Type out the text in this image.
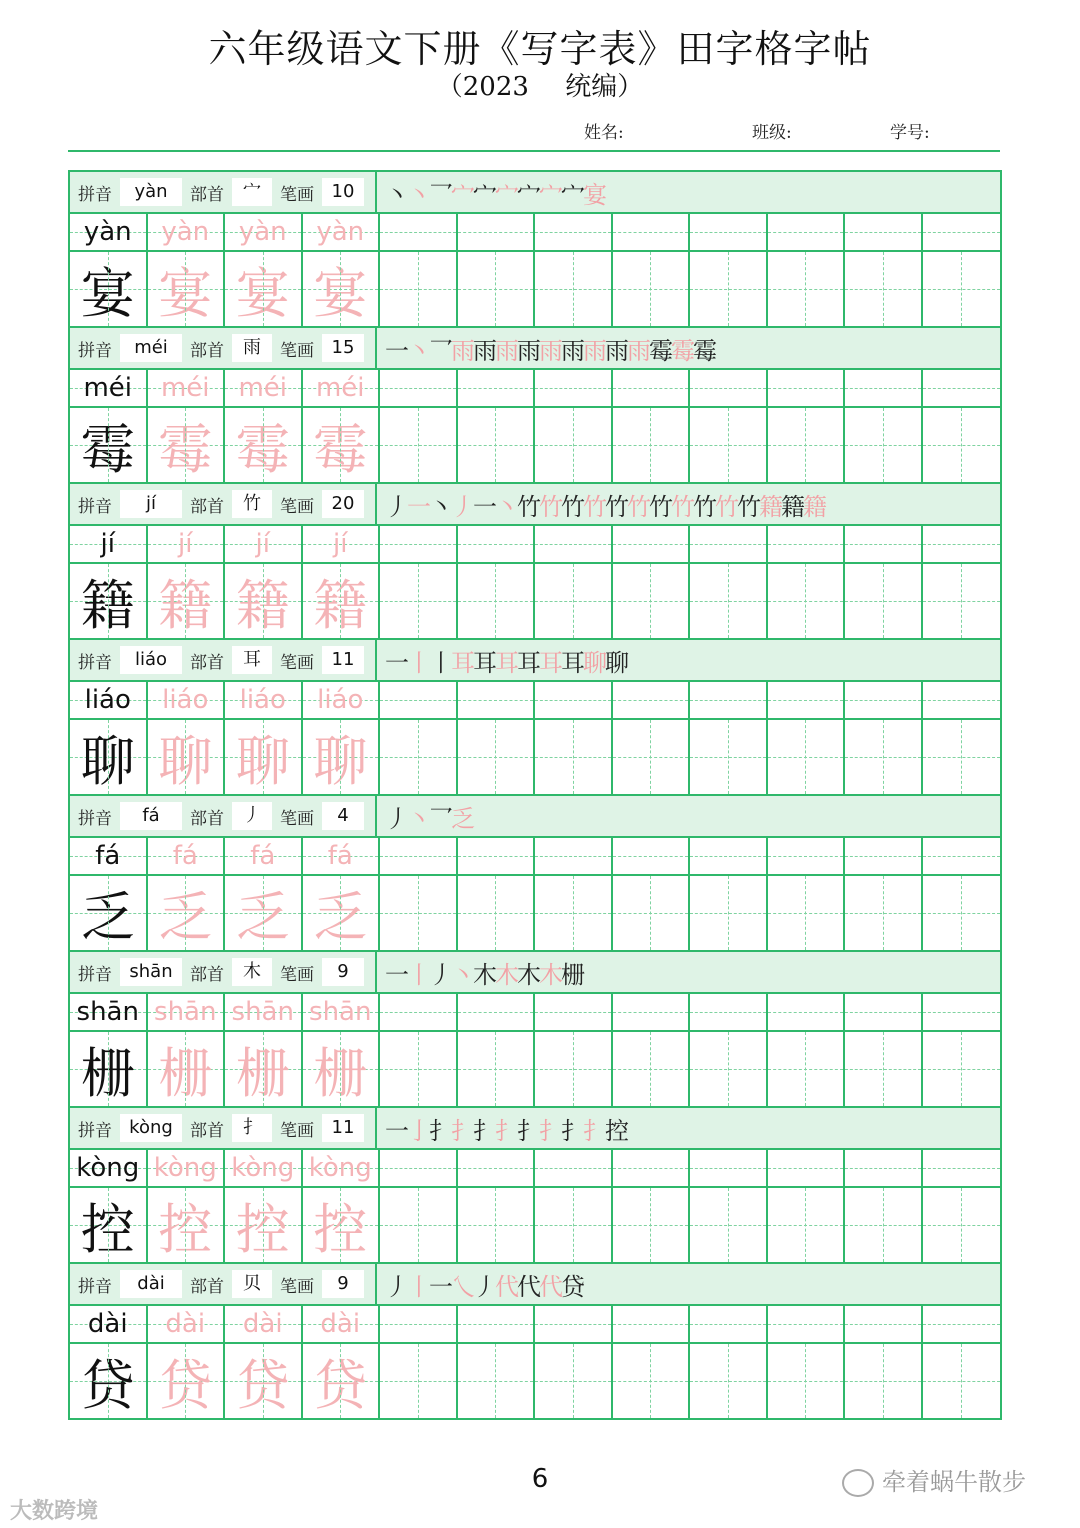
六年级语文下册《写字表》田字格字帖
（2023 统编）
姓名:	班级:	学号:
拼音	yàn	部首	宀	笔画 10	丶 丶 乛 宀 宀 宀 宀 宀 宀 宴
yàn yàn yàn yàn
宴 宴 宴 宴
拼音	méi	部首	雨	笔画 15	一 丶 乛 雨 雨 雨 雨 雨 雨 雨 雨 雨 霉 霉 霉
méi méi méi méi
霉 霉 霉 霉
拼音	jí	部首	竹	笔画 20	丿 一 丶 丿 一 丶 竹 竹 竹 竹 竹 竹 竹 竹 竹 竹 竹 籍 籍 籍
jí jí jí jí
籍 籍 籍 籍
拼音	liáo	部首	耳	笔画 11	一 丨 丨 耳 耳 耳 耳 耳 耳 聊 聊
liáo liáo liáo liáo
聊 聊 聊 聊
拼音	fá	部首	丿	笔画	4	丿 丶 乛 乏
fá fá fá fá
乏 乏 乏 乏
拼音 shān	部首	木	笔画	9	一 丨 丿 丶 木 木 木 木 栅
shān shān shān shān
栅 栅 栅 栅
拼音 kòng	部首	扌	笔画 11	一 亅 扌 扌 扌 扌 扌 扌 扌 扌 控
kòng kòng kòng kòng
控 控 控 控
拼音	dài	部首	贝	笔画	9	丿 丨 一 乀 丿 代 代 代 贷
dài dài dài dài
贷 贷 贷 贷
6	牵着蜗牛散步
大数跨境
